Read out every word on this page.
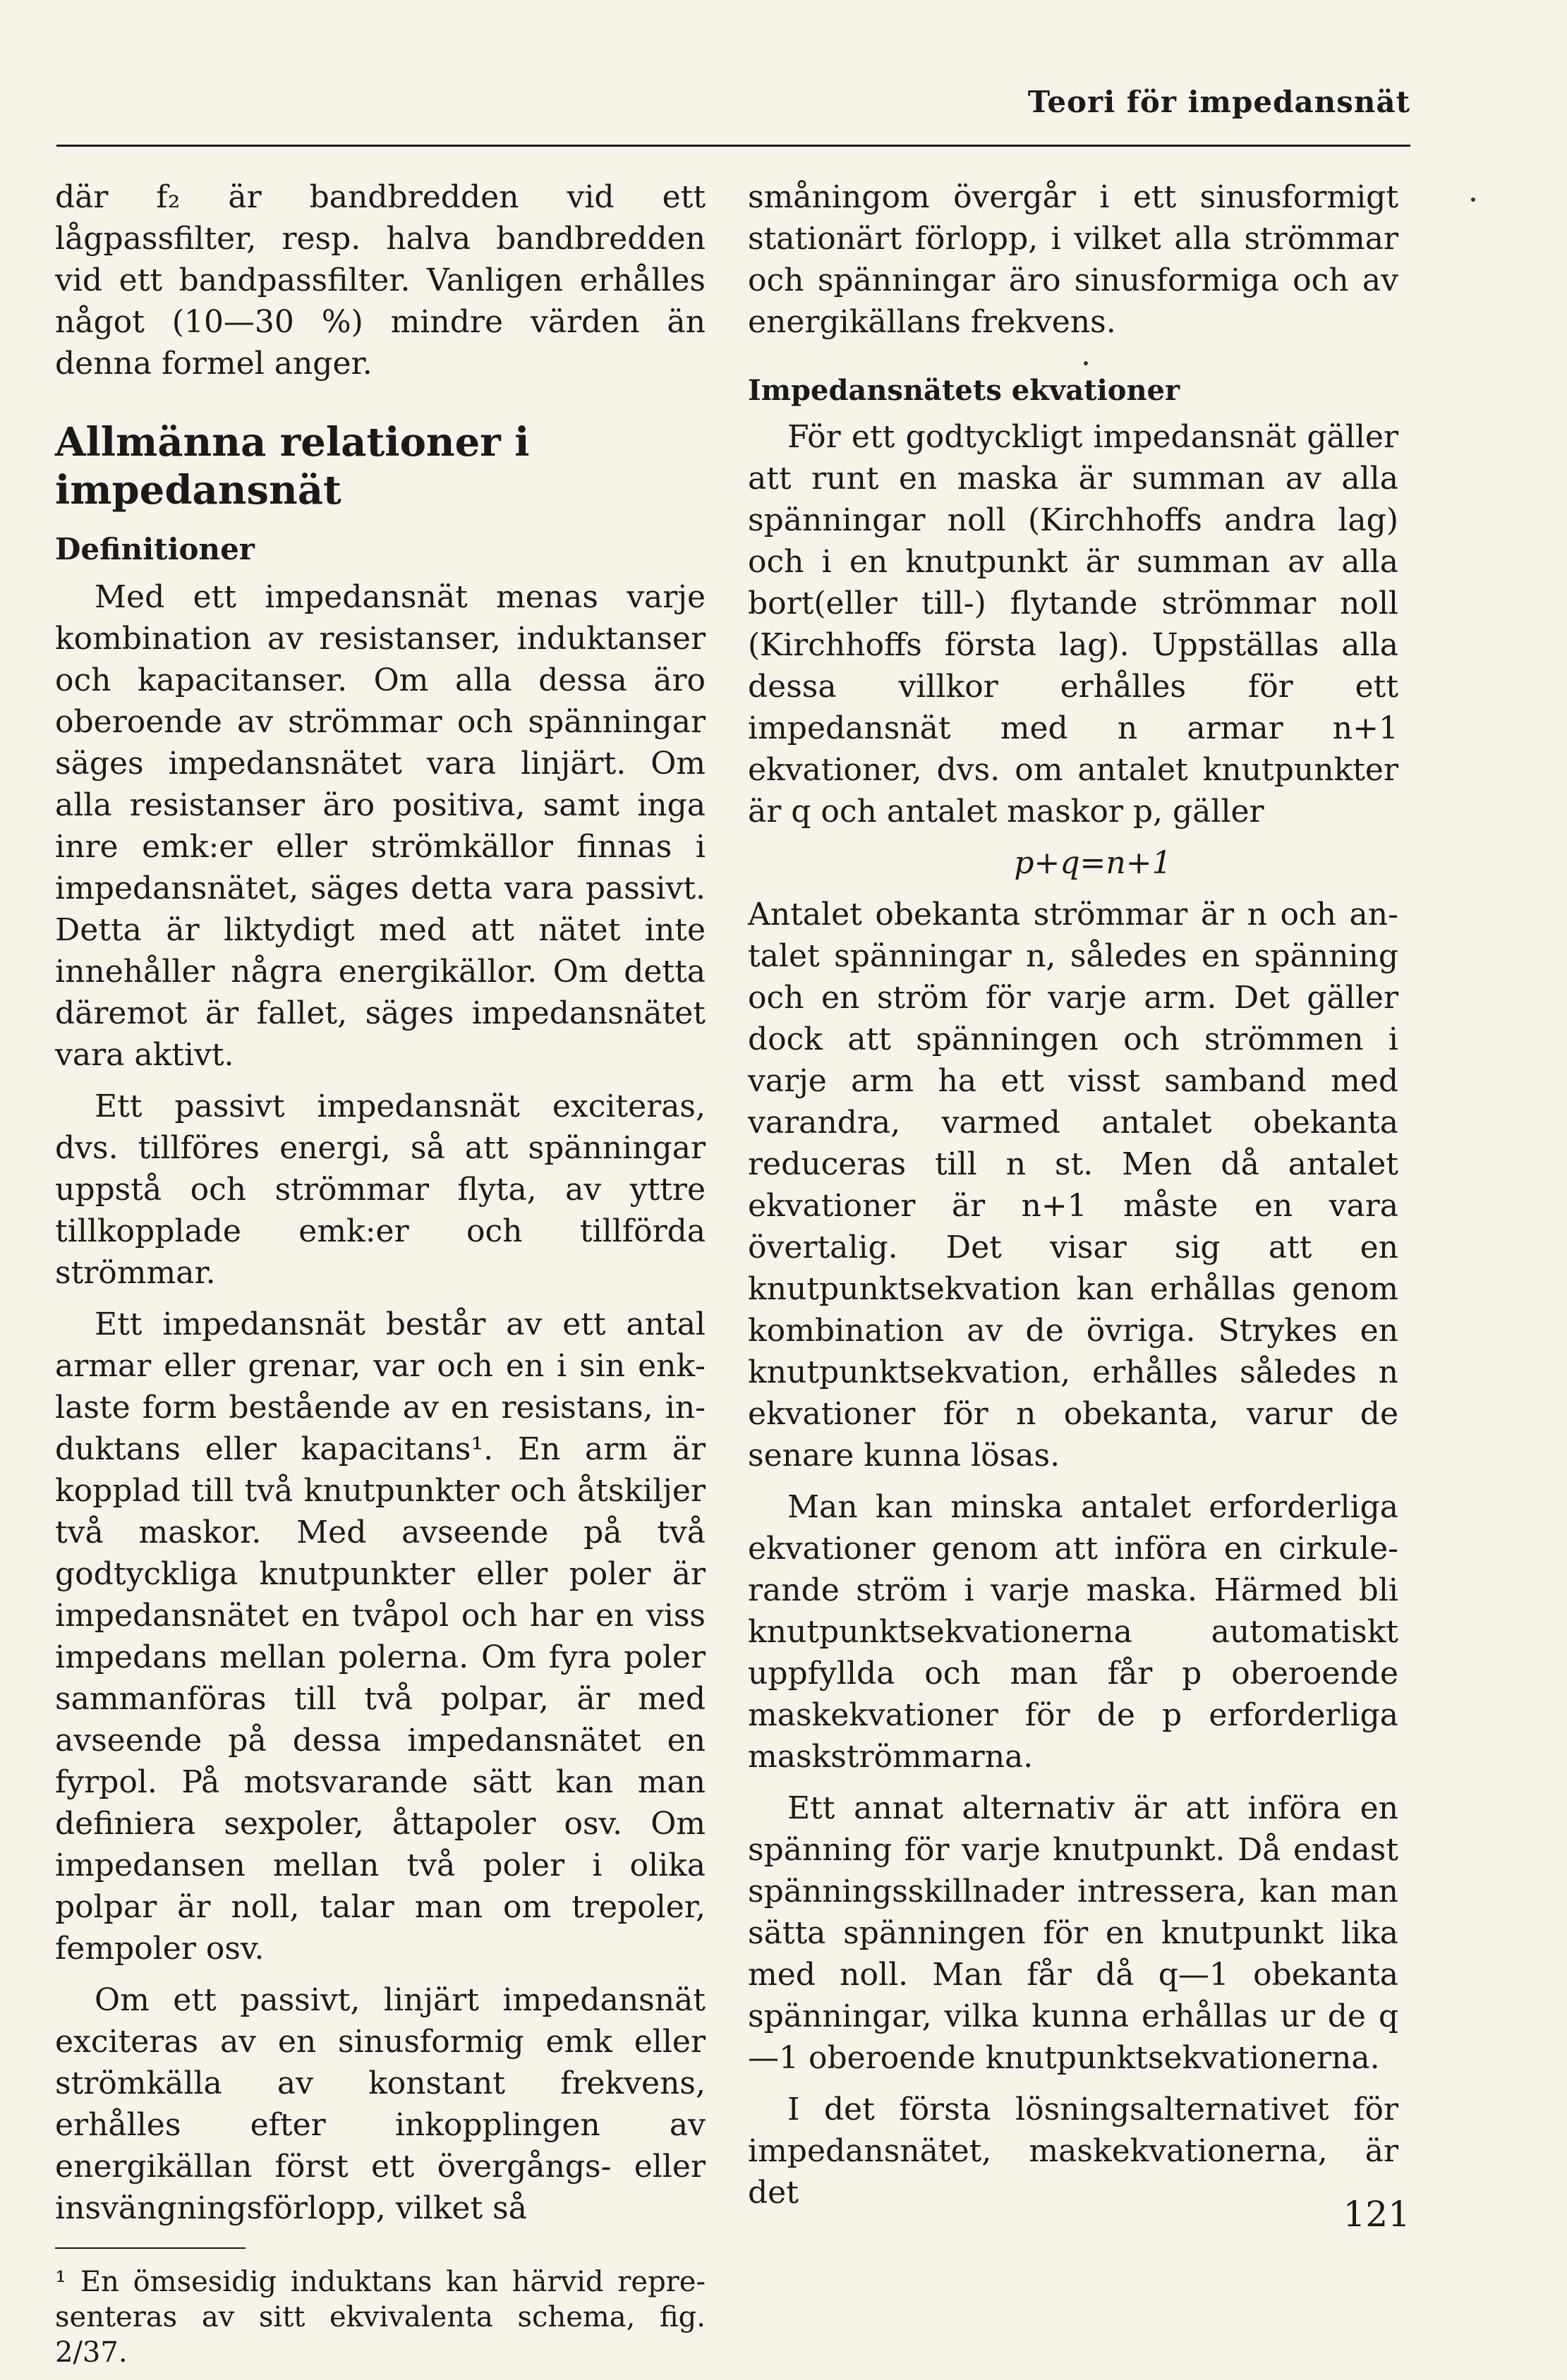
Teori för impedansnät

där f₂ är bandbredden vid ett lågpassfilter, resp. halva bandbredden vid ett bandpassfilter. Vanligen erhålles något (10—30 %) mindre värden än denna formel anger.

Allmänna relationer i impedansnät
Definitioner

Med ett impedansnät menas varje kombination av resistanser, induktanser och kapacitanser. Om alla dessa äro oberoende av strömmar och spänningar säges impedansnätet vara linjärt. Om alla resistanser äro positiva, samt inga inre emk:er eller strömkällor finnas i impedansnätet, säges detta vara passivt. Detta är liktydigt med att nätet inte innehåller några energikällor. Om detta däremot är fallet, säges impedansnätet vara aktivt.

Ett passivt impedansnät exciteras, dvs. tillföres energi, så att spänningar uppstå och strömmar flyta, av yttre tillkopplade emk:er och tillförda strömmar.

Ett impedansnät består av ett antal armar eller grenar, var och en i sin enklaste form bestående av en resistans, induktans eller kapacitans¹. En arm är kopplad till två knutpunkter och åtskiljer två maskor. Med avseende på två godtyckliga knutpunkter eller poler är impedansnätet en tvåpol och har en viss impedans mellan polerna. Om fyra poler sammanföras till två polpar, är med avseende på dessa impedansnätet en fyrpol. På motsvarande sätt kan man definiera sexpoler, åttapoler osv. Om impedansen mellan två poler i olika polpar är noll, talar man om trepoler, fempoler osv.

Om ett passivt, linjärt impedansnät exciteras av en sinusformig emk eller strömkälla av konstant frekvens, erhålles efter inkopplingen av energikällan först ett övergångs- eller insvängningsförlopp, vilket så

¹ En ömsesidig induktans kan härvid representeras av sitt ekvivalenta schema, fig. 2/37.

småningom övergår i ett sinusformigt stationärt förlopp, i vilket alla strömmar och spänningar äro sinusformiga och av energikällans frekvens.

Impedansnätets ekvationer

För ett godtyckligt impedansnät gäller att runt en maska är summan av alla spänningar noll (Kirchhoffs andra lag) och i en knutpunkt är summan av alla bort(eller till-) flytande strömmar noll (Kirchhoffs första lag). Uppställas alla dessa villkor erhålles för ett impedansnät med n armar n+1 ekvationer, dvs. om antalet knutpunkter är q och antalet maskor p, gäller

p+q=n+1

Antalet obekanta strömmar är n och antalet spänningar n, således en spänning och en ström för varje arm. Det gäller dock att spänningen och strömmen i varje arm ha ett visst samband med varandra, varmed antalet obekanta reduceras till n st. Men då antalet ekvationer är n+1 måste en vara övertalig. Det visar sig att en knutpunktsekvation kan erhållas genom kombination av de övriga. Strykes en knutpunktsekvation, erhålles således n ekvationer för n obekanta, varur de senare kunna lösas.

Man kan minska antalet erforderliga ekvationer genom att införa en cirkulerande ström i varje maska. Härmed bli knutpunktsekvationerna automatiskt uppfyllda och man får p oberoende maskekvationer för de p erforderliga maskströmmarna.

Ett annat alternativ är att införa en spänning för varje knutpunkt. Då endast spänningsskillnader intressera, kan man sätta spänningen för en knutpunkt lika med noll. Man får då q—1 obekanta spänningar, vilka kunna erhållas ur de q—1 oberoende knutpunktsekvationerna.

I det första lösningsalternativet för impedansnätet, maskekvationerna, är det

121
